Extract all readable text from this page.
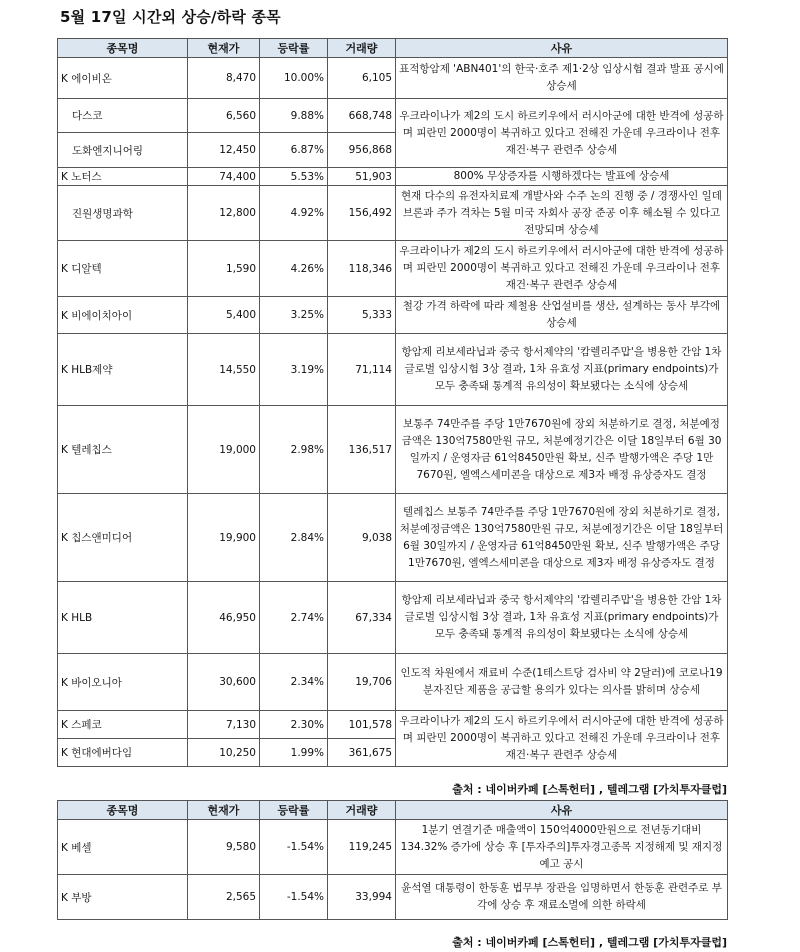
5월 17일 시간외 상승/하락 종목
종목명	현재가	등락률	거래량	사유
K 에이비온	8,470	10.00%	6,105	표적항암제 'ABN401'의 한국·호주 제1·2상 임상시험 결과 발표 공시에 상승세
다스코	6,560	9.88%	668,748	우크라이나가 제2의 도시 하르키우에서 러시아군에 대한 반격에 성공하며 피란민 2000명이 복귀하고 있다고 전해진 가운데 우크라이나 전후 재건·복구 관련주 상승세
도화엔지니어링	12,450	6.87%	956,868	
K 노터스	74,400	5.53%	51,903	800% 무상증자를 시행하겠다는 발표에 상승세
진원생명과학	12,800	4.92%	156,492	현재 다수의 유전자치료제 개발사와 수주 논의 진행 중 / 경쟁사인 일데브론과 주가 격차는 5월 미국 자회사 공장 준공 이후 해소될 수 있다고 전망되며 상승세
K 디알텍	1,590	4.26%	118,346	우크라이나가 제2의 도시 하르키우에서 러시아군에 대한 반격에 성공하며 피란민 2000명이 복귀하고 있다고 전해진 가운데 우크라이나 전후 재건·복구 관련주 상승세
K 비에이치아이	5,400	3.25%	5,333	철강 가격 하락에 따라 제철용 산업설비를 생산, 설계하는 동사 부각에 상승세
K HLB제약	14,550	3.19%	71,114	항암제 리보세라닙과 중국 항서제약의 '캄렐리주맙'을 병용한 간암 1차 글로벌 임상시험 3상 결과, 1차 유효성 지표(primary endpoints)가 모두 충족돼 통계적 유의성이 확보됐다는 소식에 상승세
K 텔레칩스	19,000	2.98%	136,517	보통주 74만주를 주당 1만7670원에 장외 처분하기로 결정, 처분예정금액은 130억7580만원 규모, 처분예정기간은 이달 18일부터 6월 30일까지 / 운영자금 61억8450만원 확보, 신주 발행가액은 주당 1만7670원, 엘엑스세미콘을 대상으로 제3자 배정 유상증자도 결정
K 칩스앤미디어	19,900	2.84%	9,038	텔레칩스 보통주 74만주를 주당 1만7670원에 장외 처분하기로 결정, 처분예정금액은 130억7580만원 규모, 처분예정기간은 이달 18일부터 6월 30일까지 / 운영자금 61억8450만원 확보, 신주 발행가액은 주당 1만7670원, 엘엑스세미콘을 대상으로 제3자 배정 유상증자도 결정
K HLB	46,950	2.74%	67,334	항암제 리보세라닙과 중국 항서제약의 '캄렐리주맙'을 병용한 간암 1차 글로벌 임상시험 3상 결과, 1차 유효성 지표(primary endpoints)가 모두 충족돼 통계적 유의성이 확보됐다는 소식에 상승세
K 바이오니아	30,600	2.34%	19,706	인도적 차원에서 재료비 수준(1테스트당 검사비 약 2달러)에 코로나19 분자진단 제품을 공급할 용의가 있다는 의사를 밝히며 상승세
K 스페코	7,130	2.30%	101,578	우크라이나가 제2의 도시 하르키우에서 러시아군에 대한 반격에 성공하며 피란민 2000명이 복귀하고 있다고 전해진 가운데 우크라이나 전후 재건·복구 관련주 상승세
K 현대에버다임	10,250	1.99%	361,675	
출처 : 네이버카페 [스톡헌터] , 텔레그램 [가치투자클럽]
종목명	현재가	등락률	거래량	사유
K 베셀	9,580	-1.54%	119,245	1분기 연결기준 매출액이 150억4000만원으로 전년동기대비 134.32% 증가에 상승 후 [투자주의]투자경고종목 지정해제 및 재지정 예고 공시
K 부방	2,565	-1.54%	33,994	윤석열 대통령이 한동훈 법무부 장관을 임명하면서 한동훈 관련주로 부각에 상승 후 재료소멸에 의한 하락세
출처 : 네이버카페 [스톡헌터] , 텔레그램 [가치투자클럽]
